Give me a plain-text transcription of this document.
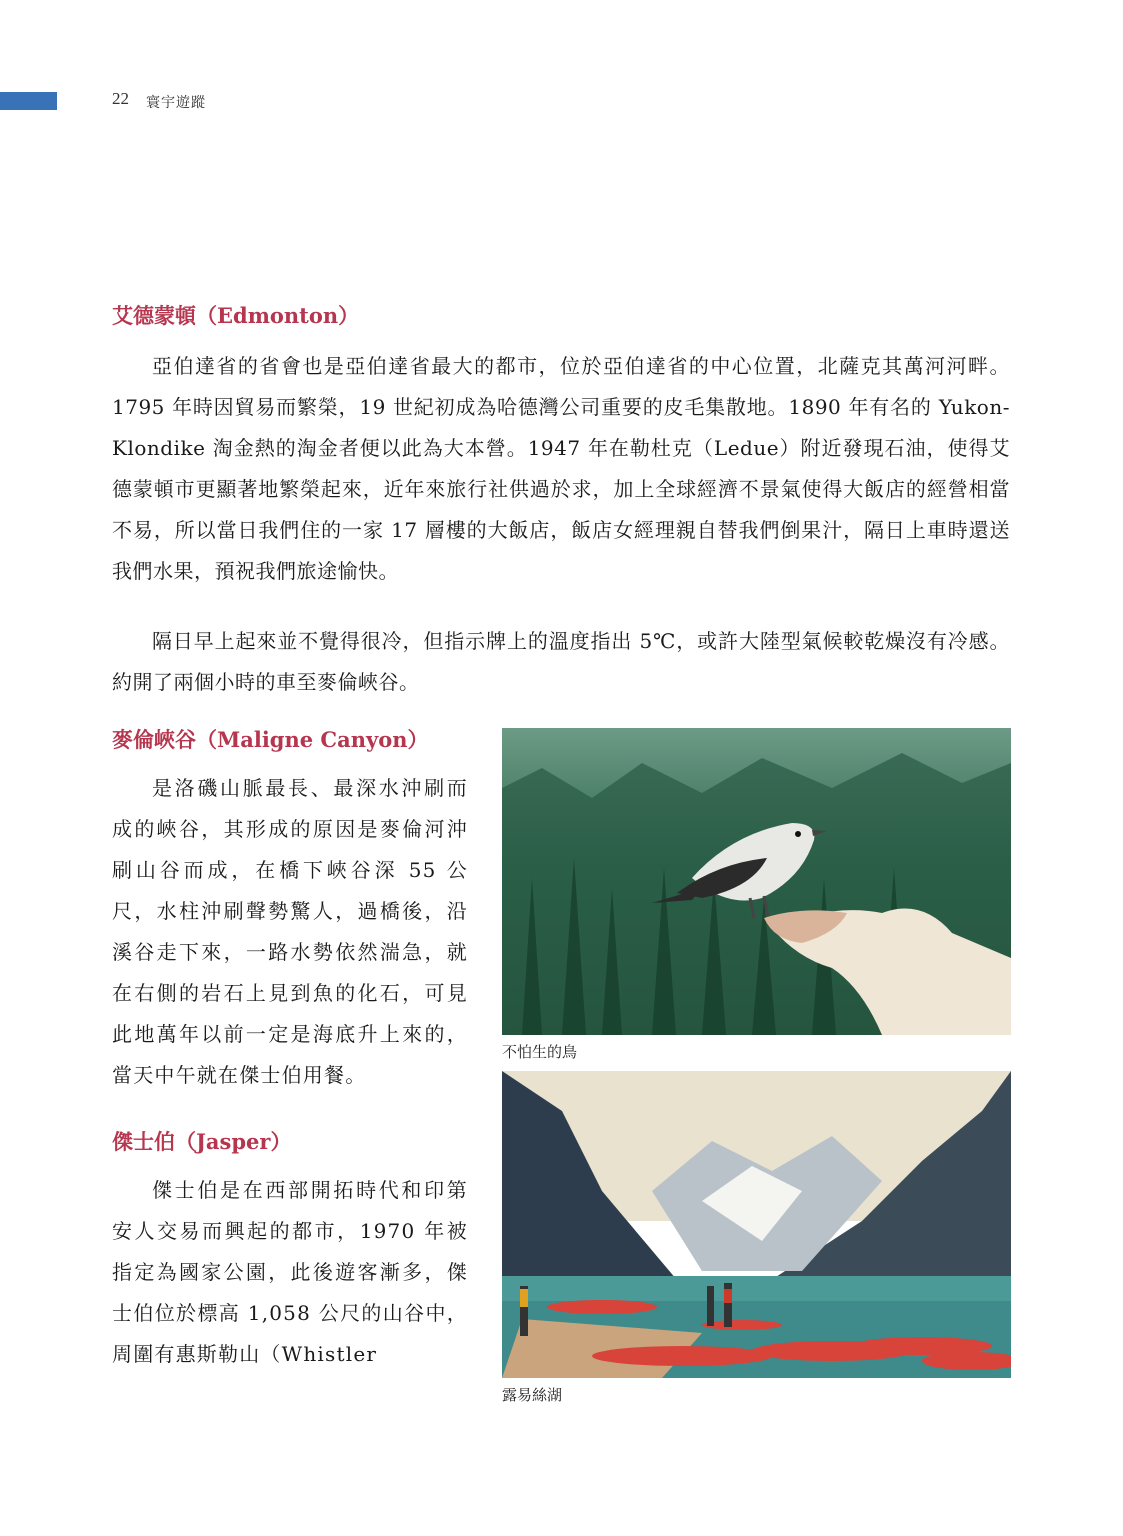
22 寰宇遊蹤
艾德蒙頓（Edmonton）

亞伯達省的省會也是亞伯達省最大的都市，位於亞伯達省的中心位置，北薩克其萬河河畔。1795 年時因貿易而繁榮，19 世紀初成為哈德灣公司重要的皮毛集散地。1890 年有名的 Yukon-Klondike 淘金熱的淘金者便以此為大本營。1947 年在勒杜克（Ledue）附近發現石油，使得艾德蒙頓市更顯著地繁榮起來，近年來旅行社供過於求，加上全球經濟不景氣使得大飯店的經營相當不易，所以當日我們住的一家 17 層樓的大飯店，飯店女經理親自替我們倒果汁，隔日上車時還送我們水果，預祝我們旅途愉快。

隔日早上起來並不覺得很冷，但指示牌上的溫度指出 5℃，或許大陸型氣候較乾燥沒有冷感。約開了兩個小時的車至麥倫峽谷。

麥倫峽谷（Maligne Canyon）

是洛磯山脈最長、最深水沖刷而成的峽谷，其形成的原因是麥倫河沖刷山谷而成，在橋下峽谷深 55 公尺，水柱沖刷聲勢驚人，過橋後，沿溪谷走下來，一路水勢依然湍急，就在右側的岩石上見到魚的化石，可見此地萬年以前一定是海底升上來的，當天中午就在傑士伯用餐。

傑士伯（Jasper）

傑士伯是在西部開拓時代和印第安人交易而興起的都市，1970 年被指定為國家公園，此後遊客漸多，傑士伯位於標高 1,058 公尺的山谷中，周圍有惠斯勒山（Whistler

不怕生的鳥
露易絲湖
